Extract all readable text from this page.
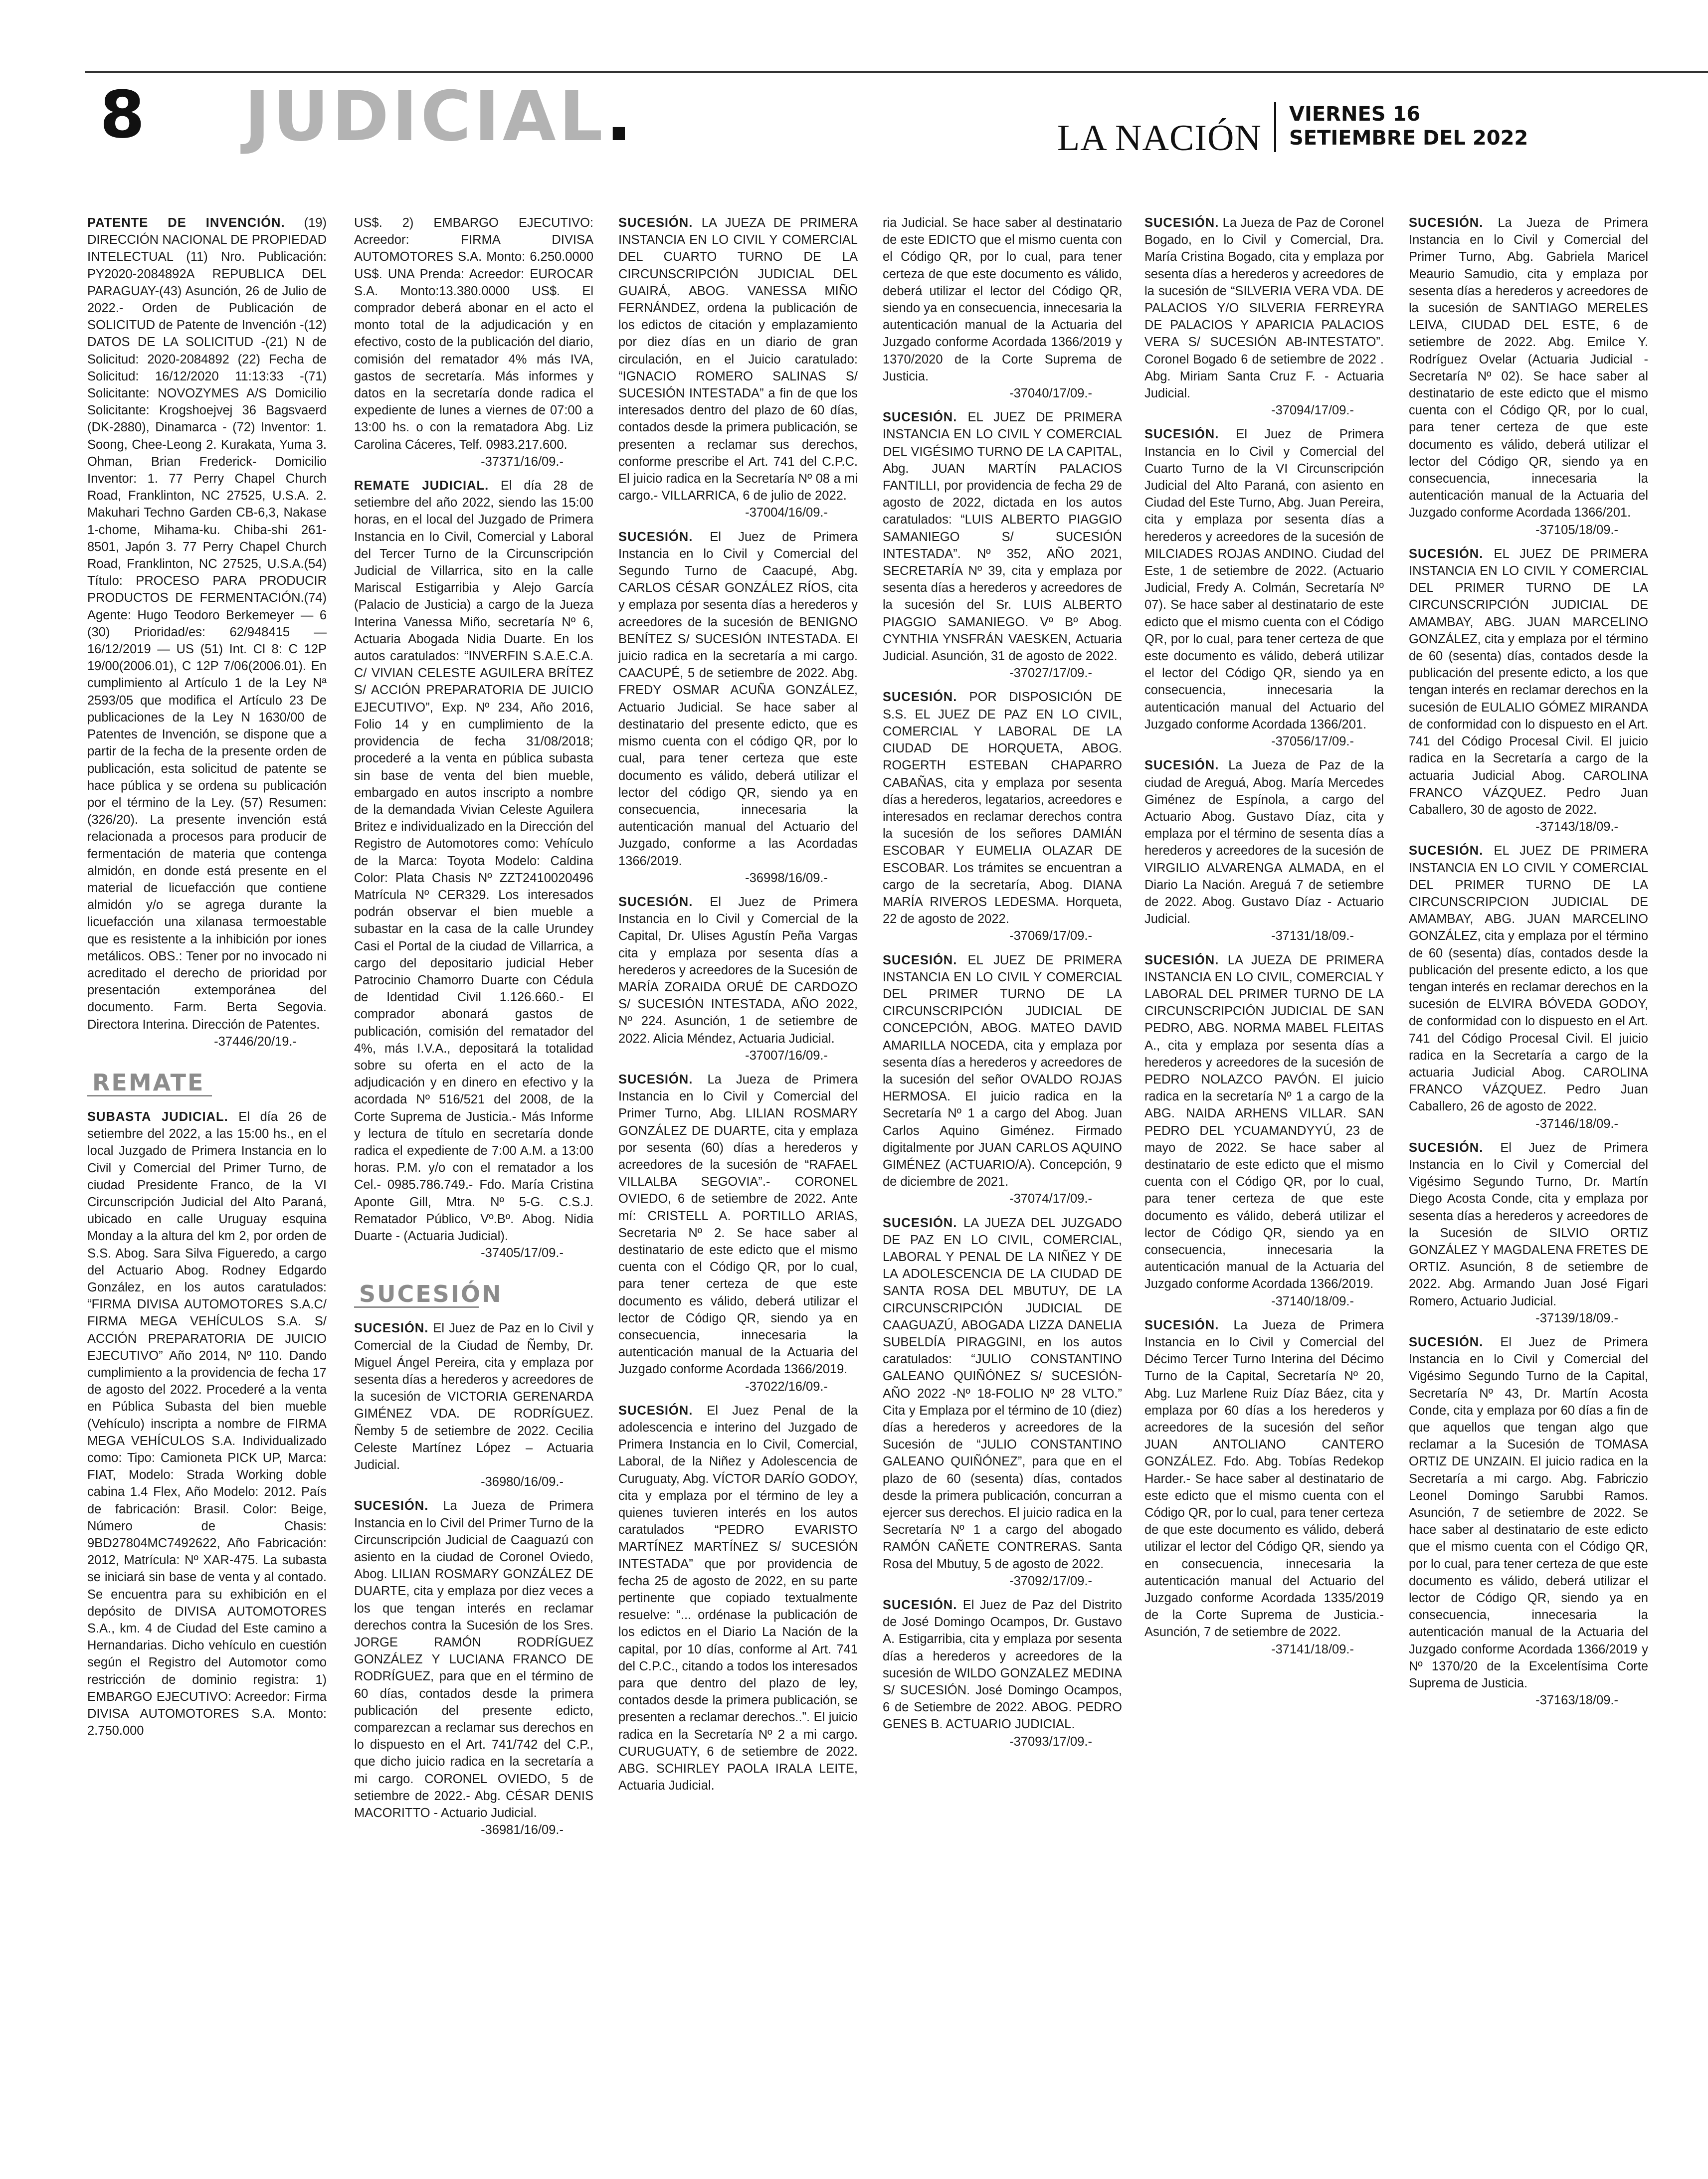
8 JUDICIAL.	LA NACIÓN
VIERNES 16
SETIEMBRE DEL 2022

PATENTE DE INVENCIÓN. (19) DIRECCIÓN NACIONAL DE PROPIEDAD INTELECTUAL (11) Nro. Publicación: PY2020-2084892A REPUBLICA DEL PARAGUAY-(43) Asunción, 26 de Julio de 2022.- Orden de Publicación de SOLICITUD de Patente de Invención -(12) DATOS DE LA SOLICITUD -(21) N de Solicitud: 2020-2084892 (22) Fecha de Solicitud: 16/12/2020 11:13:33 -(71) Solicitante: NOVOZYMES A/S Domicilio Solicitante: Krogshoejvej 36 Bagsvaerd (DK-2880), Dinamarca - (72) Inventor: 1. Soong, Chee-Leong 2. Kurakata, Yuma 3. Ohman, Brian Frederick- Domicilio Inventor: 1. 77 Perry Chapel Church Road, Franklinton, NC 27525, U.S.A. 2. Makuhari Techno Garden CB-6,3, Nakase 1-chome, Mihama-ku. Chiba-shi 261-8501, Japón 3. 77 Perry Chapel Church Road, Franklinton, NC 27525, U.S.A.(54) Título: PROCESO PARA PRODUCIR PRODUCTOS DE FERMENTACIÓN.(74) Agente: Hugo Teodoro Berkemeyer — 6 (30) Prioridad/es: 62/948415 — 16/12/2019 — US (51) Int. Cl 8: C 12P 19/00(2006.01), C 12P 7/06(2006.01). En cumplimiento al Artículo 1 de la Ley Nª 2593/05 que modifica el Artículo 23 De publicaciones de la Ley N 1630/00 de Patentes de Invención, se dispone que a partir de la fecha de la presente orden de publicación, esta solicitud de patente se hace pública y se ordena su publicación por el término de la Ley. (57) Resumen:(326/20). La presente invención está relacionada a procesos para producir de fermentación de materia que contenga almidón, en donde está presente en el material de licuefacción que contiene almidón y/o se agrega durante la licuefacción una xilanasa termoestable que es resistente a la inhibición por iones metálicos. OBS.: Tener por no invocado ni acreditado el derecho de prioridad por presentación extemporánea del documento. Farm. Berta Segovia. Directora Interina. Dirección de Patentes.
-37446/20/19.-

REMATE

SUBASTA JUDICIAL. El día 26 de setiembre del 2022, a las 15:00 hs., en el local Juzgado de Primera Instancia en lo Civil y Comercial del Primer Turno, de ciudad Presidente Franco, de la VI Circunscripción Judicial del Alto Paraná, ubicado en calle Uruguay esquina Monday a la altura del km 2, por orden de S.S. Abog. Sara Silva Figueredo, a cargo del Actuario Abog. Rodney Edgardo González, en los autos caratulados: “FIRMA DIVISA AUTOMOTORES S.A.C/ FIRMA MEGA VEHÍCULOS S.A. S/ ACCIÓN PREPARATORIA DE JUICIO EJECUTIVO” Año 2014, Nº 110. Dando cumplimiento a la providencia de fecha 17 de agosto del 2022. Procederé a la venta en Pública Subasta del bien mueble (Vehículo) inscripta a nombre de FIRMA MEGA VEHÍCULOS S.A. Individualizado como: Tipo: Camioneta PICK UP, Marca: FIAT, Modelo: Strada Working doble cabina 1.4 Flex, Año Modelo: 2012. País de fabricación: Brasil. Color: Beige, Número de Chasis: 9BD27804MC7492622, Año Fabricación: 2012, Matrícula: Nº XAR-475. La subasta se iniciará sin base de venta y al contado. Se encuentra para su exhibición en el depósito de DIVISA AUTOMOTORES S.A., km. 4 de Ciudad del Este camino a Hernandarias. Dicho vehículo en cuestión según el Registro del Automotor como restricción de dominio registra: 1) EMBARGO EJECUTIVO: Acreedor: Firma DIVISA AUTOMOTORES S.A. Monto: 2.750.000

US$. 2) EMBARGO EJECUTIVO: Acreedor: FIRMA DIVISA AUTOMOTORES S.A. Monto: 6.250.0000 US$. UNA Prenda: Acreedor: EUROCAR S.A. Monto:13.380.0000 US$. El comprador deberá abonar en el acto el monto total de la adjudicación y en efectivo, costo de la publicación del diario, comisión del rematador 4% más IVA, gastos de secretaría. Más informes y datos en la secretaría donde radica el expediente de lunes a viernes de 07:00 a 13:00 hs. o con la rematadora Abg. Liz Carolina Cáceres, Telf. 0983.217.600.
-37371/16/09.-

REMATE JUDICIAL. El día 28 de setiembre del año 2022, siendo las 15:00 horas, en el local del Juzgado de Primera Instancia en lo Civil, Comercial y Laboral del Tercer Turno de la Circunscripción Judicial de Villarrica, sito en la calle Mariscal Estigarribia y Alejo García (Palacio de Justicia) a cargo de la Jueza Interina Vanessa Miño, secretaría Nº 6, Actuaria Abogada Nidia Duarte. En los autos caratulados: “INVERFIN S.A.E.C.A. C/ VIVIAN CELESTE AGUILERA BRÍTEZ S/ ACCIÓN PREPARATORIA DE JUICIO EJECUTIVO”, Exp. Nº 234, Año 2016, Folio 14 y en cumplimiento de la providencia de fecha 31/08/2018; procederé a la venta en pública subasta sin base de venta del bien mueble, embargado en autos inscripto a nombre de la demandada Vivian Celeste Aguilera Britez e individualizado en la Dirección del Registro de Automotores como: Vehículo de la Marca: Toyota Modelo: Caldina Color: Plata Chasis Nº ZZT2410020496 Matrícula Nº CER329. Los interesados podrán observar el bien mueble a subastar en la casa de la calle Urundey Casi el Portal de la ciudad de Villarrica, a cargo del depositario judicial Heber Patrocinio Chamorro Duarte con Cédula de Identidad Civil 1.126.660.- El comprador abonará gastos de publicación, comisión del rematador del 4%, más I.V.A., depositará la totalidad sobre su oferta en el acto de la adjudicación y en dinero en efectivo y la acordada Nº 516/521 del 2008, de la Corte Suprema de Justicia.- Más Informe y lectura de título en secretaría donde radica el expediente de 7:00 A.M. a 13:00 horas. P.M. y/o con el rematador a los Cel.- 0985.786.749.- Fdo. María Cristina Aponte Gill, Mtra. Nº 5-G. C.S.J. Rematador Público, Vº.Bº. Abog. Nidia Duarte - (Actuaria Judicial).
-37405/17/09.-

SUCESIÓN

SUCESIÓN. El Juez de Paz en lo Civil y Comercial de la Ciudad de Ñemby, Dr. Miguel Ángel Pereira, cita y emplaza por sesenta días a herederos y acreedores de la sucesión de VICTORIA GERENARDA GIMÉNEZ VDA. DE RODRÍGUEZ. Ñemby 5 de setiembre de 2022. Cecilia Celeste Martínez López – Actuaria Judicial.
-36980/16/09.-

SUCESIÓN. La Jueza de Primera Instancia en lo Civil del Primer Turno de la Circunscripción Judicial de Caaguazú con asiento en la ciudad de Coronel Oviedo, Abog. LILIAN ROSMARY GONZÁLEZ DE DUARTE, cita y emplaza por diez veces a los que tengan interés en reclamar derechos contra la Sucesión de los Sres. JORGE RAMÓN RODRÍGUEZ GONZÁLEZ Y LUCIANA FRANCO DE RODRÍGUEZ, para que en el término de 60 días, contados desde la primera publicación del presente edicto, comparezcan a reclamar sus derechos en lo dispuesto en el Art. 741/742 del C.P., que dicho juicio radica en la secretaría a mi cargo. CORONEL OVIEDO, 5 de setiembre de 2022.- Abg. CÉSAR DENIS MACORITTO - Actuario Judicial.
-36981/16/09.-

SUCESIÓN. LA JUEZA DE PRIMERA INSTANCIA EN LO CIVIL Y COMERCIAL DEL CUARTO TURNO DE LA CIRCUNSCRIPCIÓN JUDICIAL DEL GUAIRÁ, ABOG. VANESSA MIÑO FERNÁNDEZ, ordena la publicación de los edictos de citación y emplazamiento por diez días en un diario de gran circulación, en el Juicio caratulado: “IGNACIO ROMERO SALINAS S/ SUCESIÓN INTESTADA” a fin de que los interesados dentro del plazo de 60 días, contados desde la primera publicación, se presenten a reclamar sus derechos, conforme prescribe el Art. 741 del C.P.C. El juicio radica en la Secretaría Nº 08 a mi cargo.- VILLARRICA, 6 de julio de 2022.
-37004/16/09.-

SUCESIÓN. El Juez de Primera Instancia en lo Civil y Comercial del Segundo Turno de Caacupé, Abg. CARLOS CÉSAR GONZÁLEZ RÍOS, cita y emplaza por sesenta días a herederos y acreedores de la sucesión de BENIGNO BENÍTEZ S/ SUCESIÓN INTESTADA. El juicio radica en la secretaría a mi cargo. CAACUPÉ, 5 de setiembre de 2022. Abg. FREDY OSMAR ACUÑA GONZÁLEZ, Actuario Judicial. Se hace saber al destinatario del presente edicto, que es mismo cuenta con el código QR, por lo cual, para tener certeza que este documento es válido, deberá utilizar el lector del código QR, siendo ya en consecuencia, innecesaria la autenticación manual del Actuario del Juzgado, conforme a las Acordadas 1366/2019.
-36998/16/09.-

SUCESIÓN. El Juez de Primera Instancia en lo Civil y Comercial de la Capital, Dr. Ulises Agustín Peña Vargas cita y emplaza por sesenta días a herederos y acreedores de la Sucesión de MARÍA ZORAIDA ORUÉ DE CARDOZO S/ SUCESIÓN INTESTADA, AÑO 2022, Nº 224. Asunción, 1 de setiembre de 2022. Alicia Méndez, Actuaria Judicial.
-37007/16/09.-

SUCESIÓN. La Jueza de Primera Instancia en lo Civil y Comercial del Primer Turno, Abg. LILIAN ROSMARY GONZÁLEZ DE DUARTE, cita y emplaza por sesenta (60) días a herederos y acreedores de la sucesión de “RAFAEL VILLALBA SEGOVIA”.- CORONEL OVIEDO, 6 de setiembre de 2022. Ante mí: CRISTELL A. PORTILLO ARIAS, Secretaria Nº 2. Se hace saber al destinatario de este edicto que el mismo cuenta con el Código QR, por lo cual, para tener certeza de que este documento es válido, deberá utilizar el lector de Código QR, siendo ya en consecuencia, innecesaria la autenticación manual de la Actuaria del Juzgado conforme Acordada 1366/2019.
-37022/16/09.-

SUCESIÓN. El Juez Penal de la adolescencia e interino del Juzgado de Primera Instancia en lo Civil, Comercial, Laboral, de la Niñez y Adolescencia de Curuguaty, Abg. VÍCTOR DARÍO GODOY, cita y emplaza por el término de ley a quienes tuvieren interés en los autos caratulados “PEDRO EVARISTO MARTÍNEZ MARTÍNEZ S/ SUCESIÓN INTESTADA” que por providencia de fecha 25 de agosto de 2022, en su parte pertinente que copiado textualmente resuelve: “... ordénase la publicación de los edictos en el Diario La Nación de la capital, por 10 días, conforme al Art. 741 del C.P.C., citando a todos los interesados para que dentro del plazo de ley, contados desde la primera publicación, se presenten a reclamar derechos..”. El juicio radica en la Secretaría Nº 2 a mi cargo. CURUGUATY, 6 de setiembre de 2022. ABG. SCHIRLEY PAOLA IRALA LEITE, Actuaria Judicial.

ria Judicial. Se hace saber al destinatario de este EDICTO que el mismo cuenta con el Código QR, por lo cual, para tener certeza de que este documento es válido, deberá utilizar el lector del Código QR, siendo ya en consecuencia, innecesaria la autenticación manual de la Actuaria del Juzgado conforme Acordada 1366/2019 y 1370/2020 de la Corte Suprema de Justicia.
-37040/17/09.-

SUCESIÓN. EL JUEZ DE PRIMERA INSTANCIA EN LO CIVIL Y COMERCIAL DEL VIGÉSIMO TURNO DE LA CAPITAL, Abg. JUAN MARTÍN PALACIOS FANTILLI, por providencia de fecha 29 de agosto de 2022, dictada en los autos caratulados: “LUIS ALBERTO PIAGGIO SAMANIEGO S/ SUCESIÓN INTESTADA”. Nº 352, AÑO 2021, SECRETARÍA Nº 39, cita y emplaza por sesenta días a herederos y acreedores de la sucesión del Sr. LUIS ALBERTO PIAGGIO SAMANIEGO. Vº Bº Abog. CYNTHIA YNSFRÁN VAESKEN, Actuaria Judicial. Asunción, 31 de agosto de 2022.
-37027/17/09.-

SUCESIÓN. POR DISPOSICIÓN DE S.S. EL JUEZ DE PAZ EN LO CIVIL, COMERCIAL Y LABORAL DE LA CIUDAD DE HORQUETA, ABOG. ROGERTH ESTEBAN CHAPARRO CABAÑAS, cita y emplaza por sesenta días a herederos, legatarios, acreedores e interesados en reclamar derechos contra la sucesión de los señores DAMIÁN ESCOBAR Y EUMELIA OLAZAR DE ESCOBAR. Los trámites se encuentran a cargo de la secretaría, Abog. DIANA MARÍA RIVEROS LEDESMA. Horqueta, 22 de agosto de 2022.
-37069/17/09.-

SUCESIÓN. EL JUEZ DE PRIMERA INSTANCIA EN LO CIVIL Y COMERCIAL DEL PRIMER TURNO DE LA CIRCUNSCRIPCIÓN JUDICIAL DE CONCEPCIÓN, ABOG. MATEO DAVID AMARILLA NOCEDA, cita y emplaza por sesenta días a herederos y acreedores de la sucesión del señor OVALDO ROJAS HERMOSA. El juicio radica en la Secretaría Nº 1 a cargo del Abog. Juan Carlos Aquino Giménez. Firmado digitalmente por JUAN CARLOS AQUINO GIMÉNEZ (ACTUARIO/A). Concepción, 9 de diciembre de 2021.
-37074/17/09.-

SUCESIÓN. LA JUEZA DEL JUZGADO DE PAZ EN LO CIVIL, COMERCIAL, LABORAL Y PENAL DE LA NIÑEZ Y DE LA ADOLESCENCIA DE LA CIUDAD DE SANTA ROSA DEL MBUTUY, DE LA CIRCUNSCRIPCIÓN JUDICIAL DE CAAGUAZÚ, ABOGADA LIZZA DANELIA SUBELDÍA PIRAGGINI, en los autos caratulados: “JULIO CONSTANTINO GALEANO QUIÑÓNEZ S/ SUCESIÓN-AÑO 2022 -Nº 18-FOLIO Nº 28 VLTO.” Cita y Emplaza por el término de 10 (diez) días a herederos y acreedores de la Sucesión de “JULIO CONSTANTINO GALEANO QUIÑÓNEZ”, para que en el plazo de 60 (sesenta) días, contados desde la primera publicación, concurran a ejercer sus derechos. El juicio radica en la Secretaría Nº 1 a cargo del abogado RAMÓN CAÑETE CONTRERAS. Santa Rosa del Mbutuy, 5 de agosto de 2022.
-37092/17/09.-

SUCESIÓN. El Juez de Paz del Distrito de José Domingo Ocampos, Dr. Gustavo A. Estigarribia, cita y emplaza por sesenta días a herederos y acreedores de la sucesión de WILDO GONZALEZ MEDINA S/ SUCESIÓN. José Domingo Ocampos, 6 de Setiembre de 2022. ABOG. PEDRO GENES B. ACTUARIO JUDICIAL.
-37093/17/09.-

SUCESIÓN. La Jueza de Paz de Coronel Bogado, en lo Civil y Comercial, Dra. María Cristina Bogado, cita y emplaza por sesenta días a herederos y acreedores de la sucesión de “SILVERIA VERA VDA. DE PALACIOS Y/O SILVERIA FERREYRA DE PALACIOS Y APARICIA PALACIOS VERA S/ SUCESIÓN AB-INTESTATO”. Coronel Bogado 6 de setiembre de 2022 . Abg. Miriam Santa Cruz F. - Actuaria Judicial.
-37094/17/09.-

SUCESIÓN. El Juez de Primera Instancia en lo Civil y Comercial del Cuarto Turno de la VI Circunscripción Judicial del Alto Paraná, con asiento en Ciudad del Este Turno, Abg. Juan Pereira, cita y emplaza por sesenta días a herederos y acreedores de la sucesión de MILCIADES ROJAS ANDINO. Ciudad del Este, 1 de setiembre de 2022. (Actuario Judicial, Fredy A. Colmán, Secretaría Nº 07). Se hace saber al destinatario de este edicto que el mismo cuenta con el Código QR, por lo cual, para tener certeza de que este documento es válido, deberá utilizar el lector del Código QR, siendo ya en consecuencia, innecesaria la autenticación manual del Actuario del Juzgado conforme Acordada 1366/201.
-37056/17/09.-

SUCESIÓN. La Jueza de Paz de la ciudad de Areguá, Abog. María Mercedes Giménez de Espínola, a cargo del Actuario Abog. Gustavo Díaz, cita y emplaza por el término de sesenta días a herederos y acreedores de la sucesión de VIRGILIO ALVARENGA ALMADA, en el Diario La Nación. Areguá 7 de setiembre de 2022. Abog. Gustavo Díaz - Actuario Judicial.
-37131/18/09.-

SUCESIÓN. LA JUEZA DE PRIMERA INSTANCIA EN LO CIVIL, COMERCIAL Y LABORAL DEL PRIMER TURNO DE LA CIRCUNSCRIPCIÓN JUDICIAL DE SAN PEDRO, ABG. NORMA MABEL FLEITAS A., cita y emplaza por sesenta días a herederos y acreedores de la sucesión de PEDRO NOLAZCO PAVÓN. El juicio radica en la secretaría Nº 1 a cargo de la ABG. NAIDA ARHENS VILLAR. SAN PEDRO DEL YCUAMANDYYÚ, 23 de mayo de 2022. Se hace saber al destinatario de este edicto que el mismo cuenta con el Código QR, por lo cual, para tener certeza de que este documento es válido, deberá utilizar el lector de Código QR, siendo ya en consecuencia, innecesaria la autenticación manual de la Actuaria del Juzgado conforme Acordada 1366/2019.
-37140/18/09.-

SUCESIÓN. La Jueza de Primera Instancia en lo Civil y Comercial del Décimo Tercer Turno Interina del Décimo Turno de la Capital, Secretaría Nº 20, Abg. Luz Marlene Ruiz Díaz Báez, cita y emplaza por 60 días a los herederos y acreedores de la sucesión del señor JUAN ANTOLIANO CANTERO GONZÁLEZ. Fdo. Abg. Tobías Redekop Harder.- Se hace saber al destinatario de este edicto que el mismo cuenta con el Código QR, por lo cual, para tener certeza de que este documento es válido, deberá utilizar el lector del Código QR, siendo ya en consecuencia, innecesaria la autenticación manual del Actuario del Juzgado conforme Acordada 1335/2019 de la Corte Suprema de Justicia.- Asunción, 7 de setiembre de 2022.
-37141/18/09.-

SUCESIÓN. La Jueza de Primera Instancia en lo Civil y Comercial del Primer Turno, Abg. Gabriela Maricel Meaurio Samudio, cita y emplaza por sesenta días a herederos y acreedores de la sucesión de SANTIAGO MERELES LEIVA, CIUDAD DEL ESTE, 6 de setiembre de 2022. Abg. Emilce Y. Rodríguez Ovelar (Actuaria Judicial - Secretaría Nº 02). Se hace saber al destinatario de este edicto que el mismo cuenta con el Código QR, por lo cual, para tener certeza de que este documento es válido, deberá utilizar el lector del Código QR, siendo ya en consecuencia, innecesaria la autenticación manual de la Actuaria del Juzgado conforme Acordada 1366/201.
-37105/18/09.-

SUCESIÓN. EL JUEZ DE PRIMERA INSTANCIA EN LO CIVIL Y COMERCIAL DEL PRIMER TURNO DE LA CIRCUNSCRIPCIÓN JUDICIAL DE AMAMBAY, ABG. JUAN MARCELINO GONZÁLEZ, cita y emplaza por el término de 60 (sesenta) días, contados desde la publicación del presente edicto, a los que tengan interés en reclamar derechos en la sucesión de EULALIO GÓMEZ MIRANDA de conformidad con lo dispuesto en el Art. 741 del Código Procesal Civil. El juicio radica en la Secretaría a cargo de la actuaria Judicial Abog. CAROLINA FRANCO VÁZQUEZ. Pedro Juan Caballero, 30 de agosto de 2022.
-37143/18/09.-

SUCESIÓN. EL JUEZ DE PRIMERA INSTANCIA EN LO CIVIL Y COMERCIAL DEL PRIMER TURNO DE LA CIRCUNSCRIPCION JUDICIAL DE AMAMBAY, ABG. JUAN MARCELINO GONZÁLEZ, cita y emplaza por el término de 60 (sesenta) días, contados desde la publicación del presente edicto, a los que tengan interés en reclamar derechos en la sucesión de ELVIRA BÓVEDA GODOY, de conformidad con lo dispuesto en el Art. 741 del Código Procesal Civil. El juicio radica en la Secretaría a cargo de la actuaria Judicial Abog. CAROLINA FRANCO VÁZQUEZ. Pedro Juan Caballero, 26 de agosto de 2022.
-37146/18/09.-

SUCESIÓN. El Juez de Primera Instancia en lo Civil y Comercial del Vigésimo Segundo Turno, Dr. Martín Diego Acosta Conde, cita y emplaza por sesenta días a herederos y acreedores de la Sucesión de SILVIO ORTIZ GONZÁLEZ Y MAGDALENA FRETES DE ORTIZ. Asunción, 8 de setiembre de 2022. Abg. Armando Juan José Figari Romero, Actuario Judicial.
-37139/18/09.-

SUCESIÓN. El Juez de Primera Instancia en lo Civil y Comercial del Vigésimo Segundo Turno de la Capital, Secretaría Nº 43, Dr. Martín Acosta Conde, cita y emplaza por 60 días a fin de que aquellos que tengan algo que reclamar a la Sucesión de TOMASA ORTIZ DE UNZAIN. El juicio radica en la Secretaría a mi cargo. Abg. Fabriczio Leonel Domingo Sarubbi Ramos. Asunción, 7 de setiembre de 2022. Se hace saber al destinatario de este edicto que el mismo cuenta con el Código QR, por lo cual, para tener certeza de que este documento es válido, deberá utilizar el lector de Código QR, siendo ya en consecuencia, innecesaria la autenticación manual de la Actuaria del Juzgado conforme Acordada 1366/2019 y Nº 1370/20 de la Excelentísima Corte Suprema de Justicia.
-37163/18/09.-
